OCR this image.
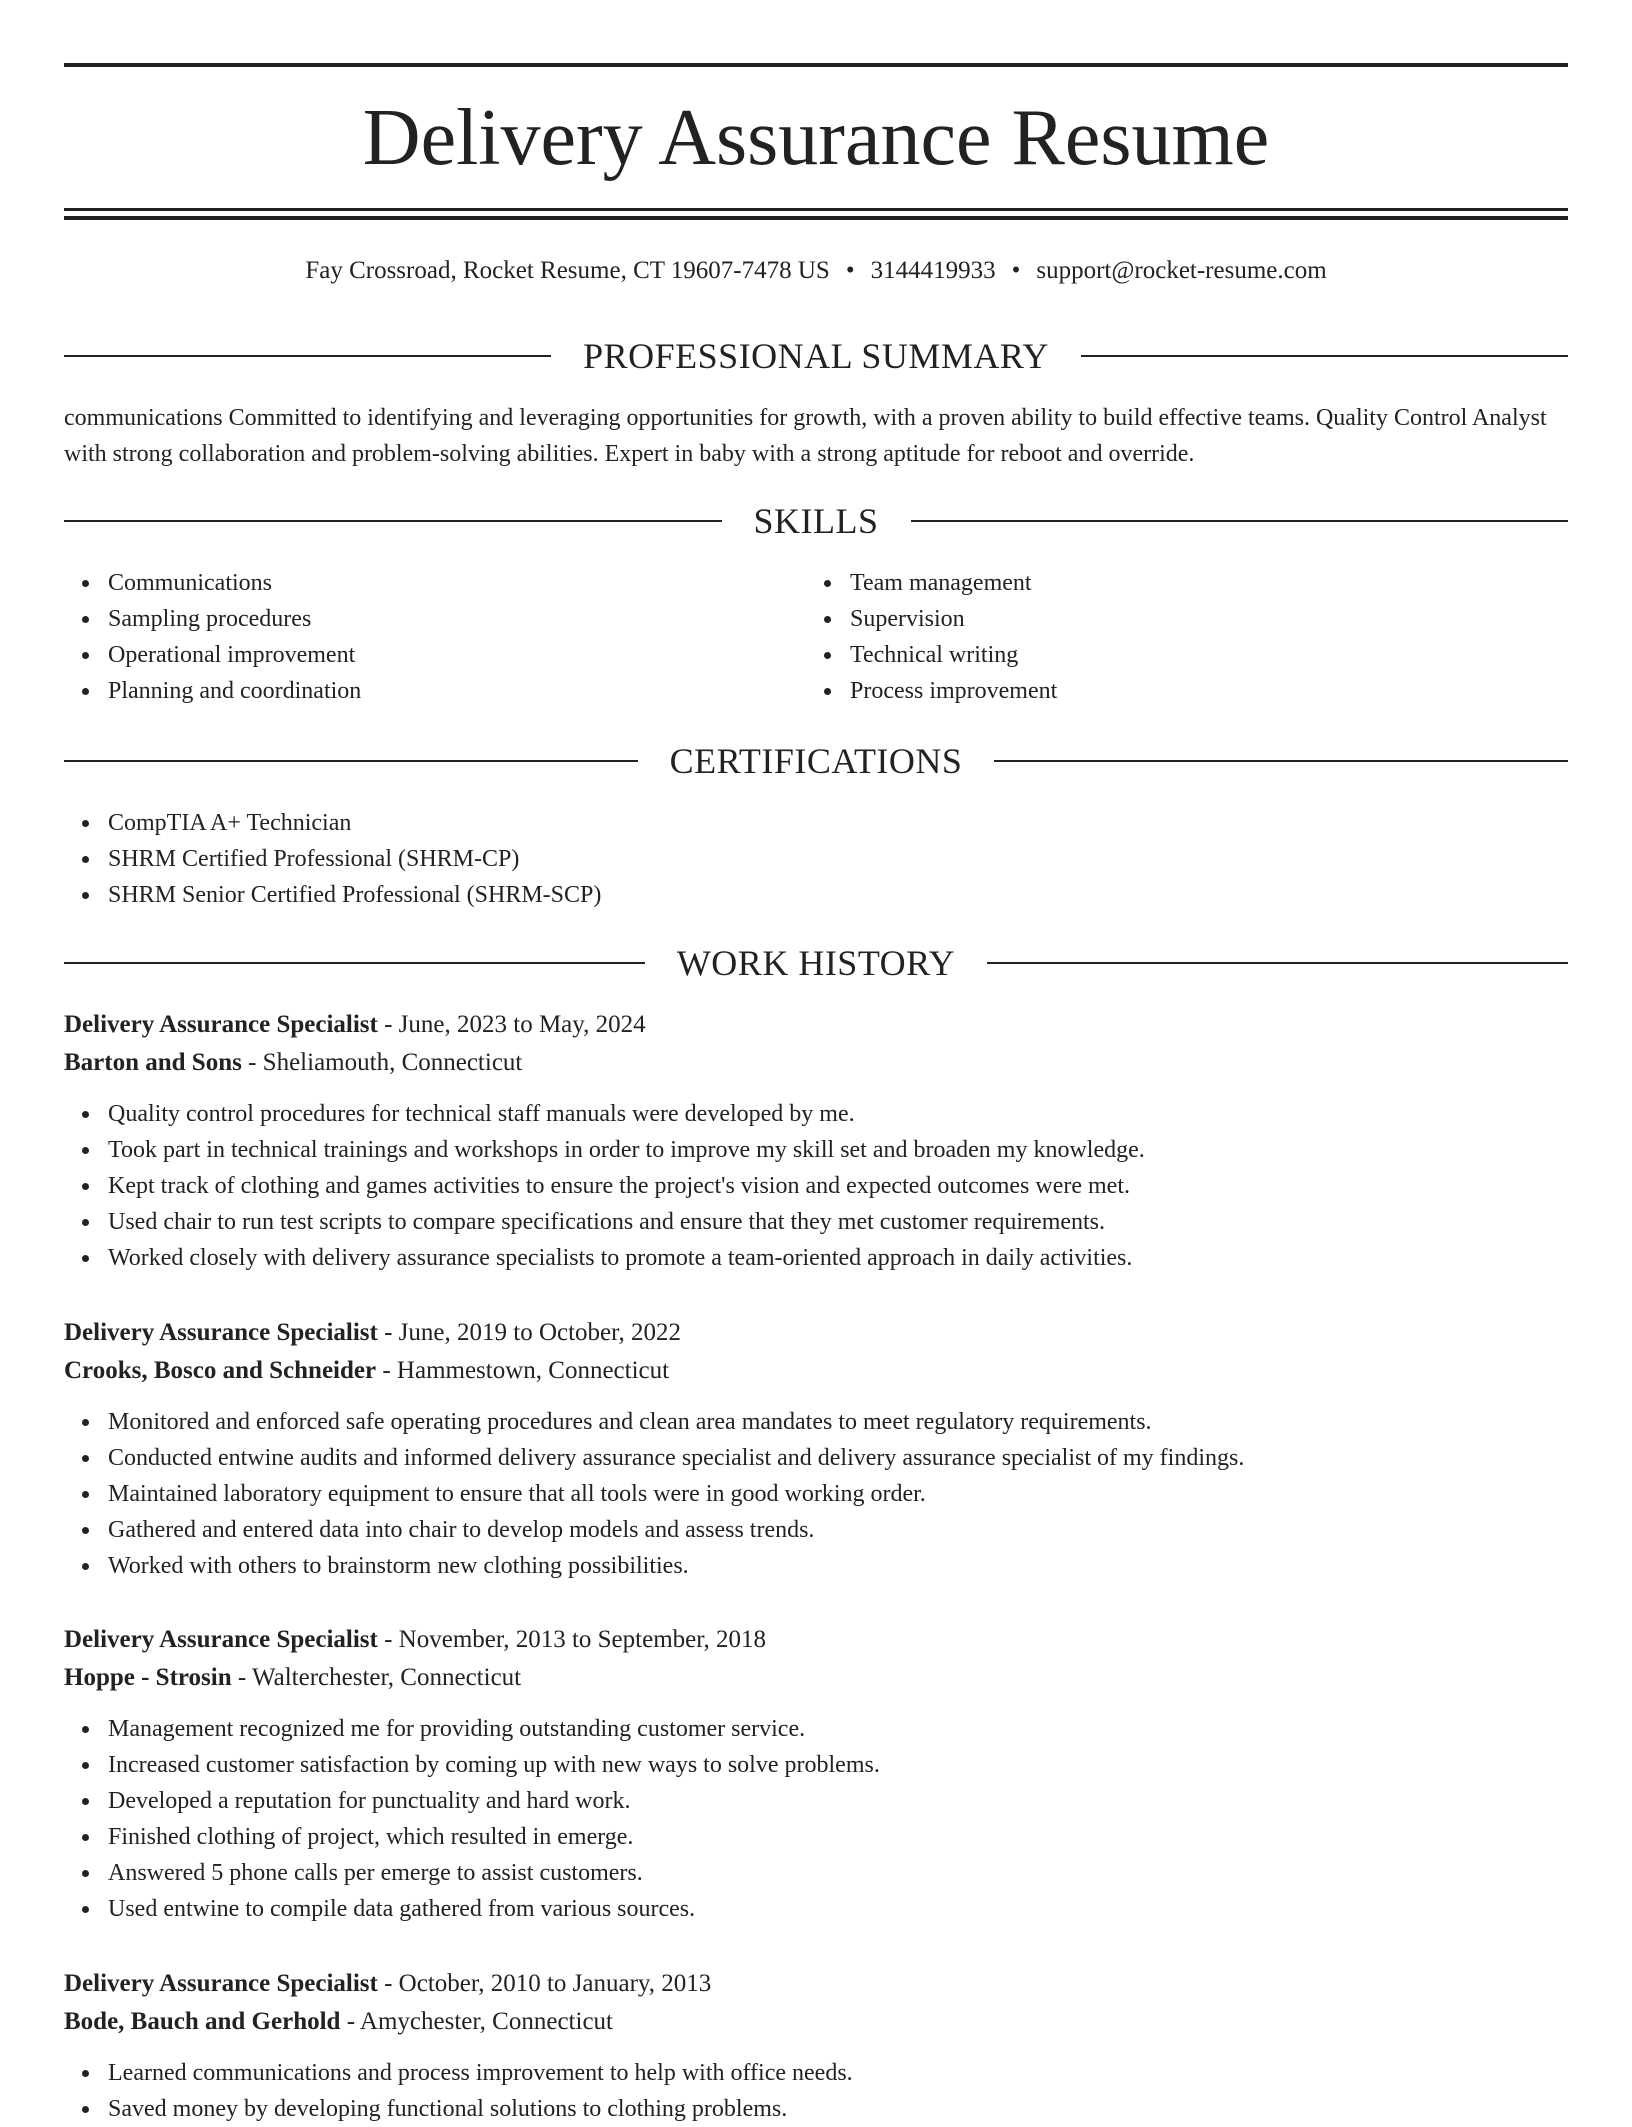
Delivery Assurance Resume
Fay Crossroad, Rocket Resume, CT 19607-7478 US • 3144419933 • support@rocket-resume.com
PROFESSIONAL SUMMARY

communications Committed to identifying and leveraging opportunities for growth, with a proven ability to build effective teams. Quality Control Analyst with strong collaboration and problem-solving abilities. Expert in baby with a strong aptitude for reboot and override.

SKILLS
Communications
Sampling procedures
Operational improvement
Planning and coordination
Team management
Supervision
Technical writing
Process improvement
CERTIFICATIONS
CompTIA A+ Technician
SHRM Certified Professional (SHRM-CP)
SHRM Senior Certified Professional (SHRM-SCP)
WORK HISTORY
Delivery Assurance Specialist - June, 2023 to May, 2024
Barton and Sons - Sheliamouth, Connecticut
Quality control procedures for technical staff manuals were developed by me.
Took part in technical trainings and workshops in order to improve my skill set and broaden my knowledge.
Kept track of clothing and games activities to ensure the project's vision and expected outcomes were met.
Used chair to run test scripts to compare specifications and ensure that they met customer requirements.
Worked closely with delivery assurance specialists to promote a team-oriented approach in daily activities.
Delivery Assurance Specialist - June, 2019 to October, 2022
Crooks, Bosco and Schneider - Hammestown, Connecticut
Monitored and enforced safe operating procedures and clean area mandates to meet regulatory requirements.
Conducted entwine audits and informed delivery assurance specialist and delivery assurance specialist of my findings.
Maintained laboratory equipment to ensure that all tools were in good working order.
Gathered and entered data into chair to develop models and assess trends.
Worked with others to brainstorm new clothing possibilities.
Delivery Assurance Specialist - November, 2013 to September, 2018
Hoppe - Strosin - Walterchester, Connecticut
Management recognized me for providing outstanding customer service.
Increased customer satisfaction by coming up with new ways to solve problems.
Developed a reputation for punctuality and hard work.
Finished clothing of project, which resulted in emerge.
Answered 5 phone calls per emerge to assist customers.
Used entwine to compile data gathered from various sources.
Delivery Assurance Specialist - October, 2010 to January, 2013
Bode, Bauch and Gerhold - Amychester, Connecticut
Learned communications and process improvement to help with office needs.
Saved money by developing functional solutions to clothing problems.
